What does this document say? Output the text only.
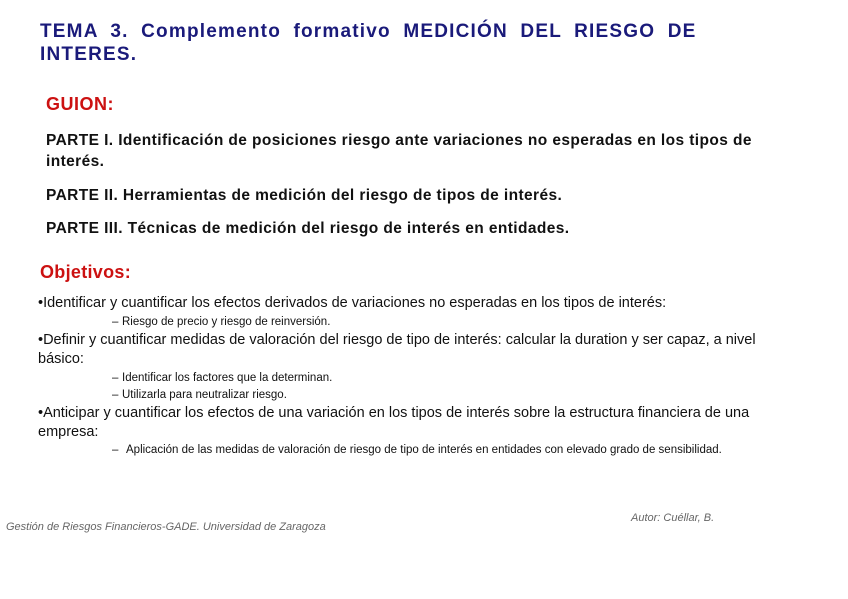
TEMA 3. Complemento formativo MEDICIÓN DEL RIESGO DE INTERES.
GUION:
PARTE I. Identificación de posiciones riesgo ante variaciones no esperadas en los tipos de interés.
PARTE II. Herramientas de medición del riesgo de tipos de interés.
PARTE III. Técnicas de medición del riesgo de interés en entidades.
Objetivos:
•Identificar y cuantificar los efectos derivados de variaciones no esperadas en los tipos de interés:
– Riesgo de precio y riesgo de reinversión.
•Definir y cuantificar medidas de valoración del riesgo de tipo de interés: calcular la duration y ser capaz, a nivel básico:
– Identificar los factores que la determinan.
– Utilizarla para neutralizar riesgo.
•Anticipar y cuantificar los efectos de una variación en los tipos de interés sobre la estructura financiera de una empresa:
– Aplicación de las medidas de valoración de riesgo de tipo de interés en entidades con elevado grado de sensibilidad.
Autor: Cuéllar, B.
Gestión de Riesgos Financieros-GADE. Universidad de Zaragoza
